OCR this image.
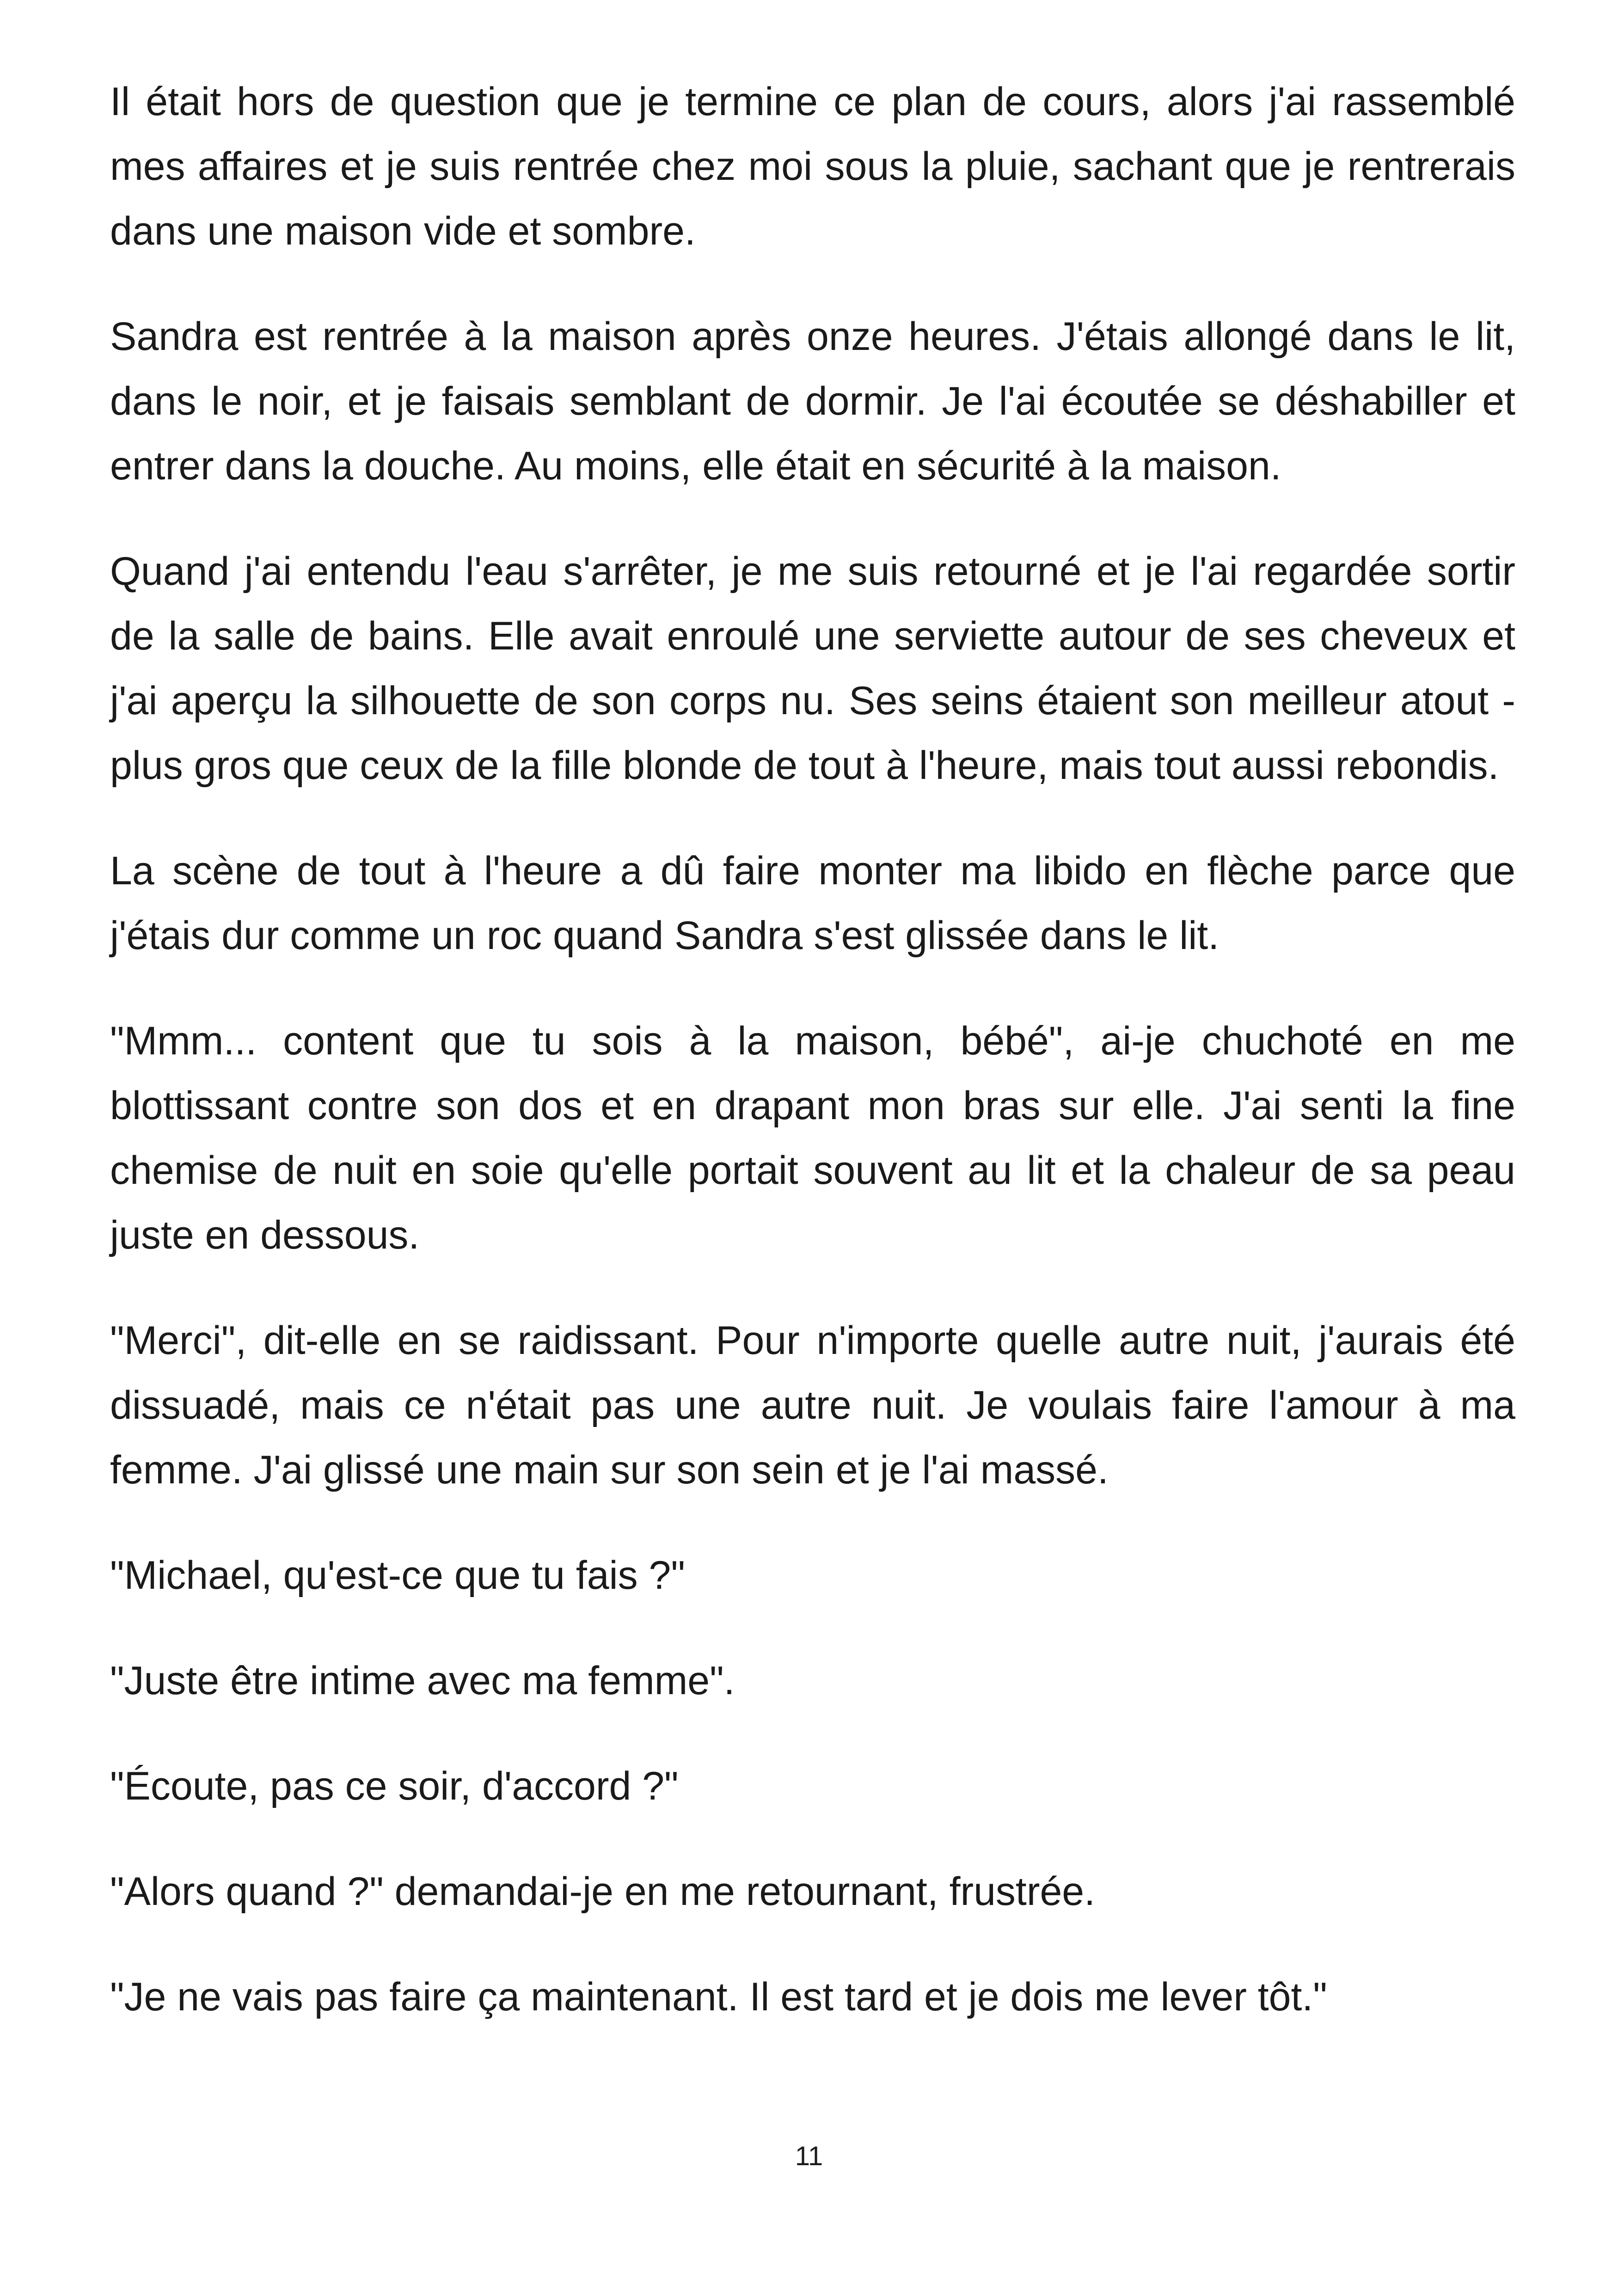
Il était hors de question que je termine ce plan de cours, alors j'ai rassemblé mes affaires et je suis rentrée chez moi sous la pluie, sachant que je rentrerais dans une maison vide et sombre.

Sandra est rentrée à la maison après onze heures. J'étais allongé dans le lit, dans le noir, et je faisais semblant de dormir. Je l'ai écoutée se déshabiller et entrer dans la douche. Au moins, elle était en sécurité à la maison.

Quand j'ai entendu l'eau s'arrêter, je me suis retourné et je l'ai regardée sortir de la salle de bains. Elle avait enroulé une serviette autour de ses cheveux et j'ai aperçu la silhouette de son corps nu. Ses seins étaient son meilleur atout - plus gros que ceux de la fille blonde de tout à l'heure, mais tout aussi rebondis.

La scène de tout à l'heure a dû faire monter ma libido en flèche parce que j'étais dur comme un roc quand Sandra s'est glissée dans le lit.

"Mmm... content que tu sois à la maison, bébé", ai-je chuchoté en me blottissant contre son dos et en drapant mon bras sur elle. J'ai senti la fine chemise de nuit en soie qu'elle portait souvent au lit et la chaleur de sa peau juste en dessous.

"Merci", dit-elle en se raidissant. Pour n'importe quelle autre nuit, j'aurais été dissuadé, mais ce n'était pas une autre nuit. Je voulais faire l'amour à ma femme. J'ai glissé une main sur son sein et je l'ai massé.

"Michael, qu'est-ce que tu fais ?"

"Juste être intime avec ma femme".

"Écoute, pas ce soir, d'accord ?"

"Alors quand ?" demandai-je en me retournant, frustrée.

"Je ne vais pas faire ça maintenant. Il est tard et je dois me lever tôt."

11
